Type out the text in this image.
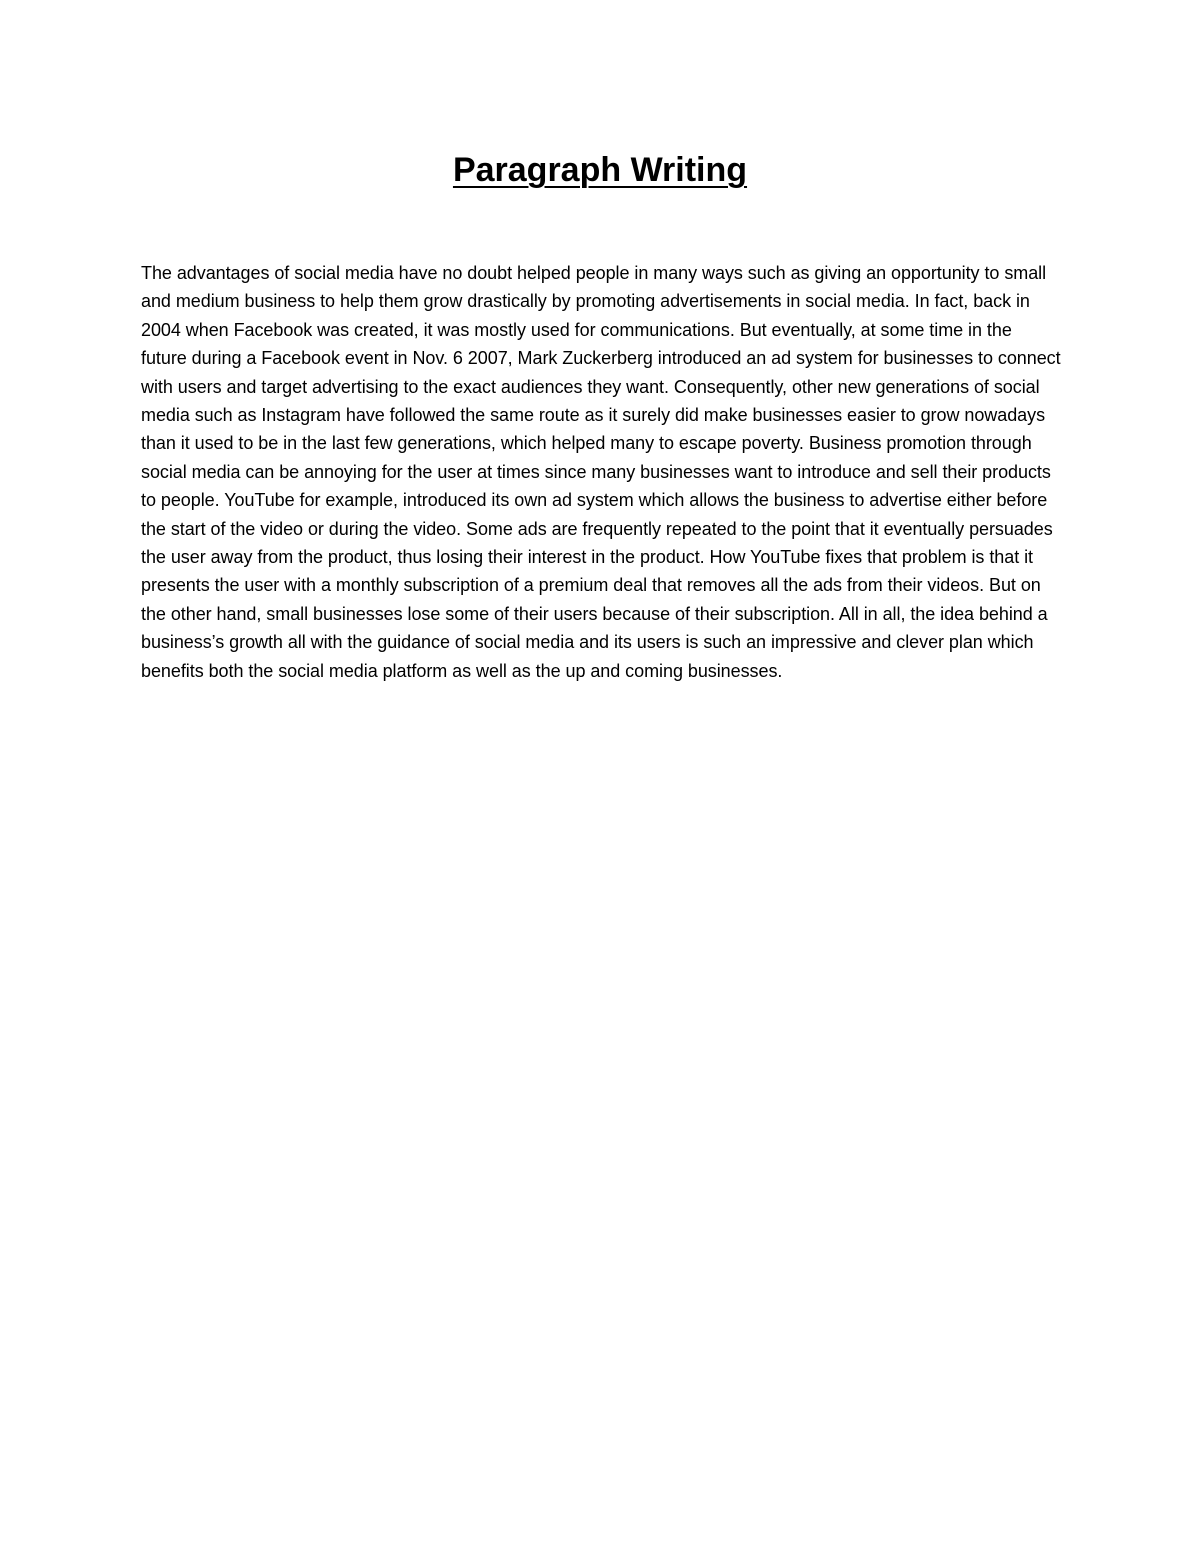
Paragraph Writing

The advantages of social media have no doubt helped people in many ways such as giving an opportunity to small and medium business to help them grow drastically by promoting advertisements in social media. In fact, back in 2004 when Facebook was created, it was mostly used for communications. But eventually, at some time in the future during a Facebook event in Nov. 6 2007, Mark Zuckerberg introduced an ad system for businesses to connect with users and target advertising to the exact audiences they want. Consequently, other new generations of social media such as Instagram have followed the same route as it surely did make businesses easier to grow nowadays than it used to be in the last few generations, which helped many to escape poverty. Business promotion through social media can be annoying for the user at times since many businesses want to introduce and sell their products to people. YouTube for example, introduced its own ad system which allows the business to advertise either before the start of the video or during the video. Some ads are frequently repeated to the point that it eventually persuades the user away from the product, thus losing their interest in the product. How YouTube fixes that problem is that it presents the user with a monthly subscription of a premium deal that removes all the ads from their videos. But on the other hand, small businesses lose some of their users because of their subscription. All in all, the idea behind a business’s growth all with the guidance of social media and its users is such an impressive and clever plan which benefits both the social media platform as well as the up and coming businesses.
